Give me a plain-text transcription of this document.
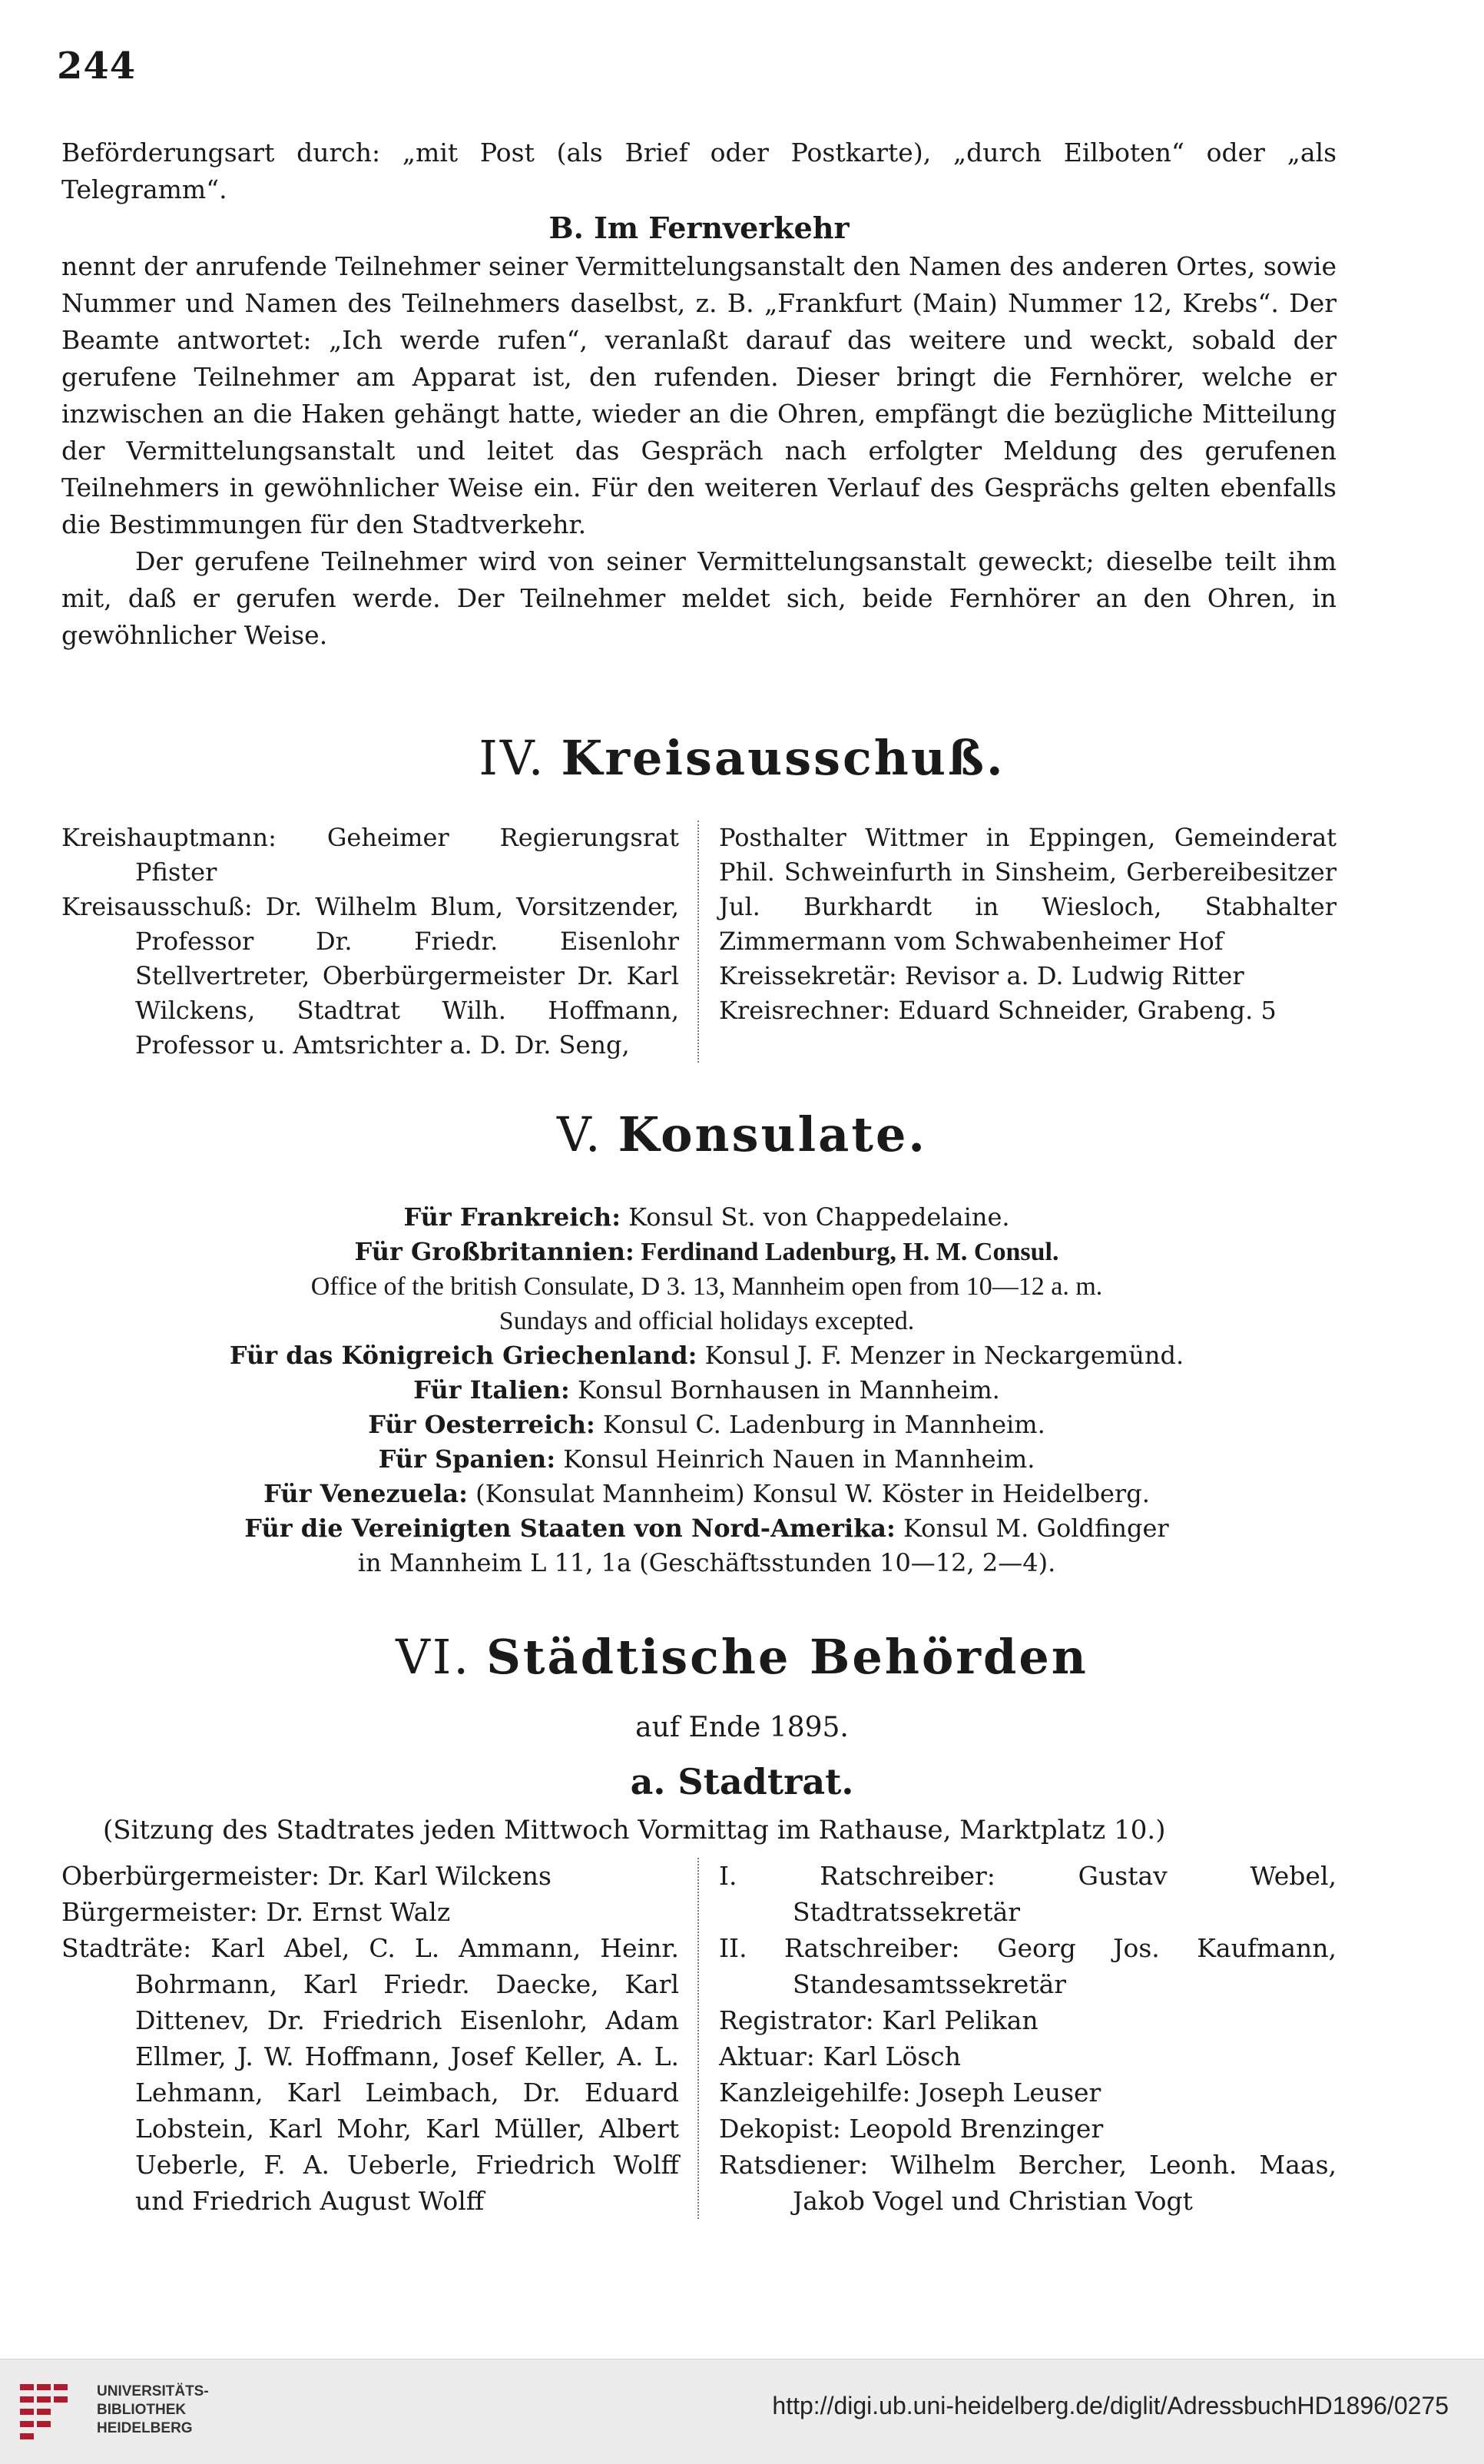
244

Beförderungsart durch: „mit Post (als Brief oder Postkarte), „durch Eilboten“ oder „als Telegramm“.

B. Im Fernverkehr

nennt der anrufende Teilnehmer seiner Vermittelungsanstalt den Namen des anderen Ortes, sowie Nummer und Namen des Teilnehmers daselbst, z. B. „Frankfurt (Main) Nummer 12, Krebs“. Der Beamte antwortet: „Ich werde rufen“, veranlaßt darauf das weitere und weckt, sobald der gerufene Teilnehmer am Apparat ist, den rufenden. Dieser bringt die Fernhörer, welche er inzwischen an die Haken gehängt hatte, wieder an die Ohren, empfängt die bezügliche Mitteilung der Vermittelungsanstalt und leitet das Gespräch nach erfolgter Meldung des gerufenen Teilnehmers in gewöhnlicher Weise ein. Für den weiteren Verlauf des Gesprächs gelten ebenfalls die Bestimmungen für den Stadtverkehr.

Der gerufene Teilnehmer wird von seiner Vermittelungsanstalt geweckt; dieselbe teilt ihm mit, daß er gerufen werde. Der Teilnehmer meldet sich, beide Fernhörer an den Ohren, in gewöhnlicher Weise.

IV. Kreisausschuß.

Kreishauptmann: Geheimer Regierungsrat Pfister

Kreisausschuß: Dr. Wilhelm Blum, Vorsitzender, Professor Dr. Friedr. Eisenlohr Stellvertreter, Oberbürgermeister Dr. Karl Wilckens, Stadtrat Wilh. Hoffmann, Professor u. Amtsrichter a. D. Dr. Seng,

Posthalter Wittmer in Eppingen, Gemeinderat Phil. Schweinfurth in Sinsheim, Gerbereibesitzer Jul. Burkhardt in Wiesloch, Stabhalter Zimmermann vom Schwabenheimer Hof

Kreissekretär: Revisor a. D. Ludwig Ritter

Kreisrechner: Eduard Schneider, Grabeng. 5

V. Konsulate.

Für Frankreich: Konsul St. von Chappedelaine.

Für Großbritannien: Ferdinand Ladenburg, H. M. Consul.

Office of the british Consulate, D 3. 13, Mannheim open from 10—12 a. m.

Sundays and official holidays excepted.

Für das Königreich Griechenland: Konsul J. F. Menzer in Neckargemünd.

Für Italien: Konsul Bornhausen in Mannheim.

Für Oesterreich: Konsul C. Ladenburg in Mannheim.

Für Spanien: Konsul Heinrich Nauen in Mannheim.

Für Venezuela: (Konsulat Mannheim) Konsul W. Köster in Heidelberg.

Für die Vereinigten Staaten von Nord-Amerika: Konsul M. Goldfinger

in Mannheim L 11, 1a (Geschäftsstunden 10—12, 2—4).

VI. Städtische Behörden
auf Ende 1895.
a. Stadtrat.
(Sitzung des Stadtrates jeden Mittwoch Vormittag im Rathause, Marktplatz 10.)

Oberbürgermeister: Dr. Karl Wilckens

Bürgermeister: Dr. Ernst Walz

Stadträte: Karl Abel, C. L. Ammann, Heinr. Bohrmann, Karl Friedr. Daecke, Karl Dittenev, Dr. Friedrich Eisenlohr, Adam Ellmer, J. W. Hoffmann, Josef Keller, A. L. Lehmann, Karl Leimbach, Dr. Eduard Lobstein, Karl Mohr, Karl Müller, Albert Ueberle, F. A. Ueberle, Friedrich Wolff und Friedrich August Wolff

I. Ratschreiber: Gustav Webel, Stadtratssekretär

II. Ratschreiber: Georg Jos. Kaufmann, Standesamtssekretär

Registrator: Karl Pelikan

Aktuar: Karl Lösch

Kanzleigehilfe: Joseph Leuser

Dekopist: Leopold Brenzinger

Ratsdiener: Wilhelm Bercher, Leonh. Maas, Jakob Vogel und Christian Vogt

UNIVERSITÄTS-
BIBLIOTHEK
HEIDELBERG
http://digi.ub.uni-heidelberg.de/diglit/AdressbuchHD1896/0275
